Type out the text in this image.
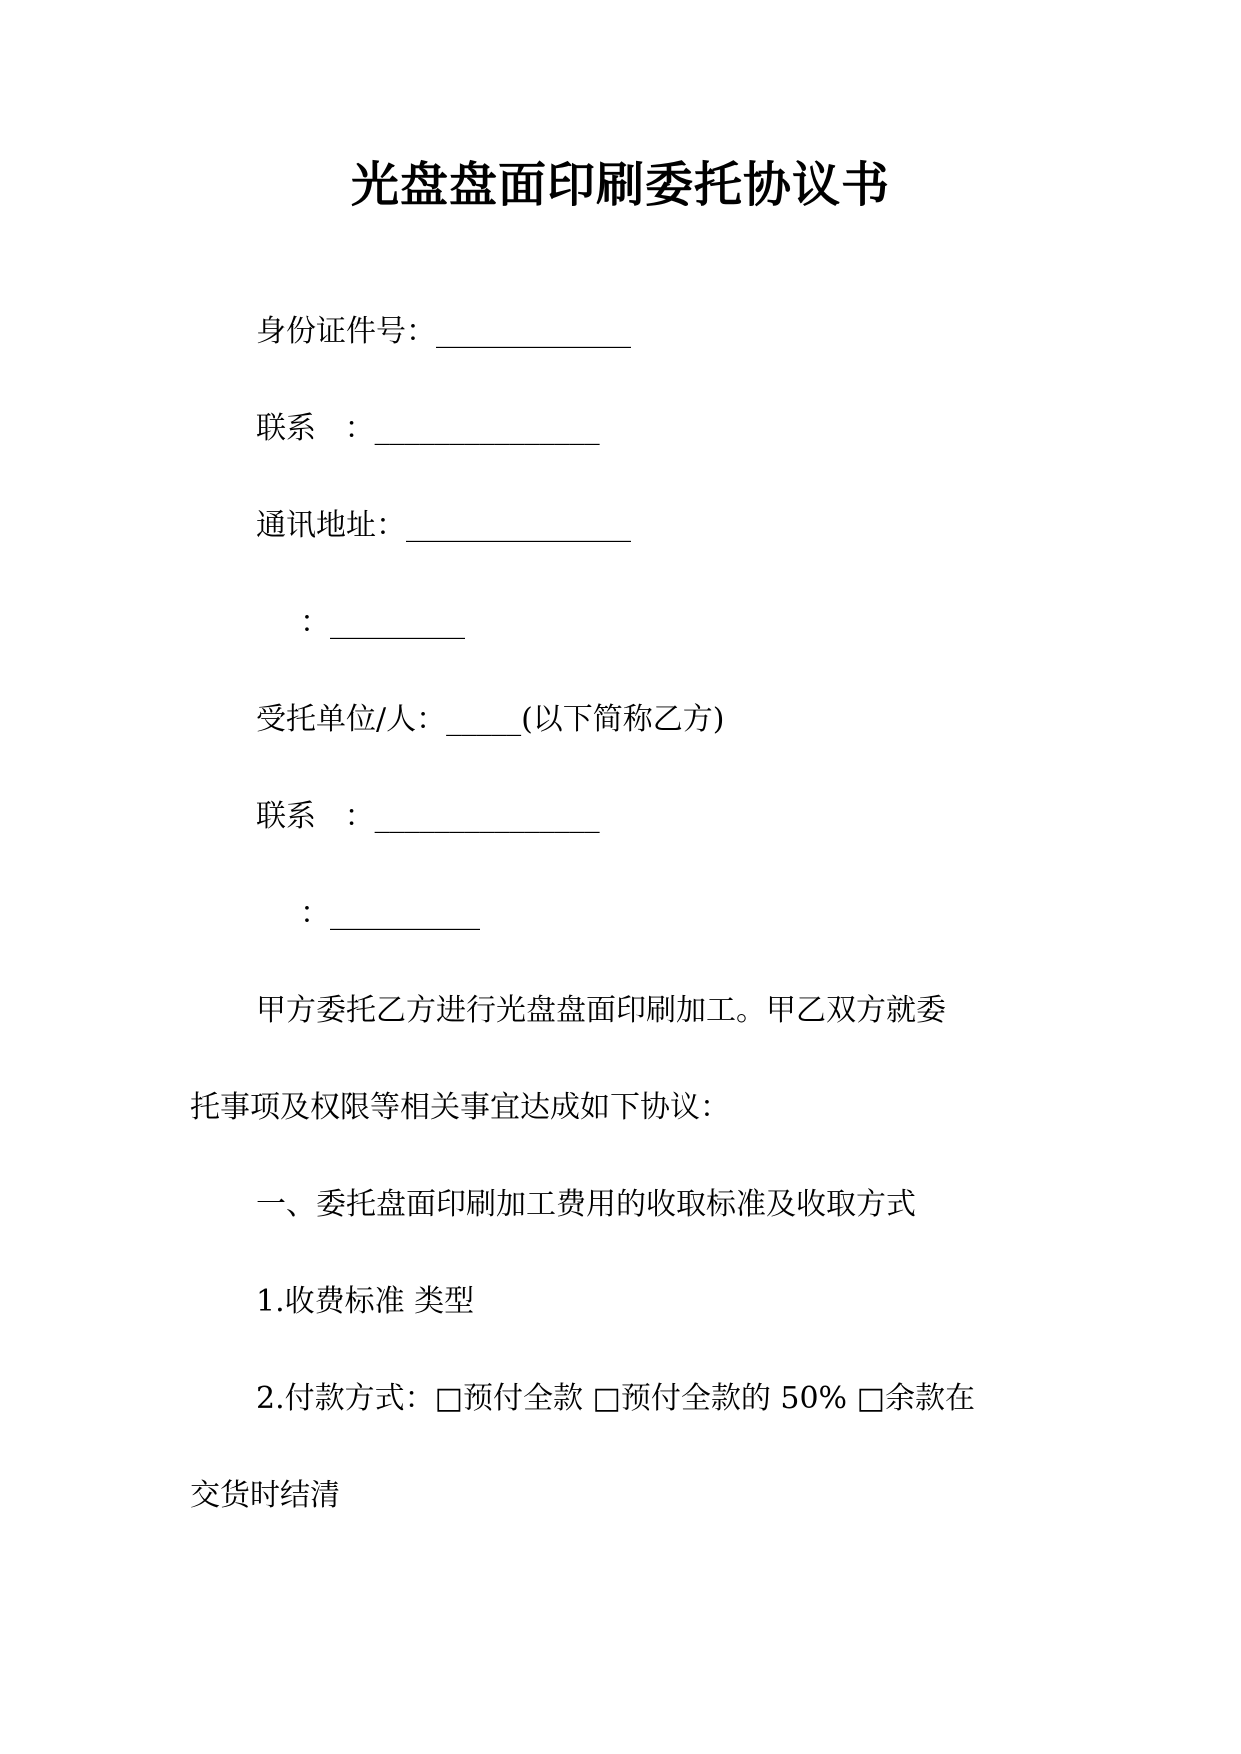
光盘盘面印刷委托协议书
身份证件号：_____________
联系   ：_______________
通讯地址：_______________
：_________
受托单位/人：_____(以下简称乙方)
联系   ：_______________
：__________
甲方委托乙方进行光盘盘面印刷加工。甲乙双方就委
托事项及权限等相关事宜达成如下协议：
一、委托盘面印刷加工费用的收取标准及收取方式
1.收费标准 类型
2.付款方式：□预付全款 □预付全款的 50% □余款在
交货时结清
